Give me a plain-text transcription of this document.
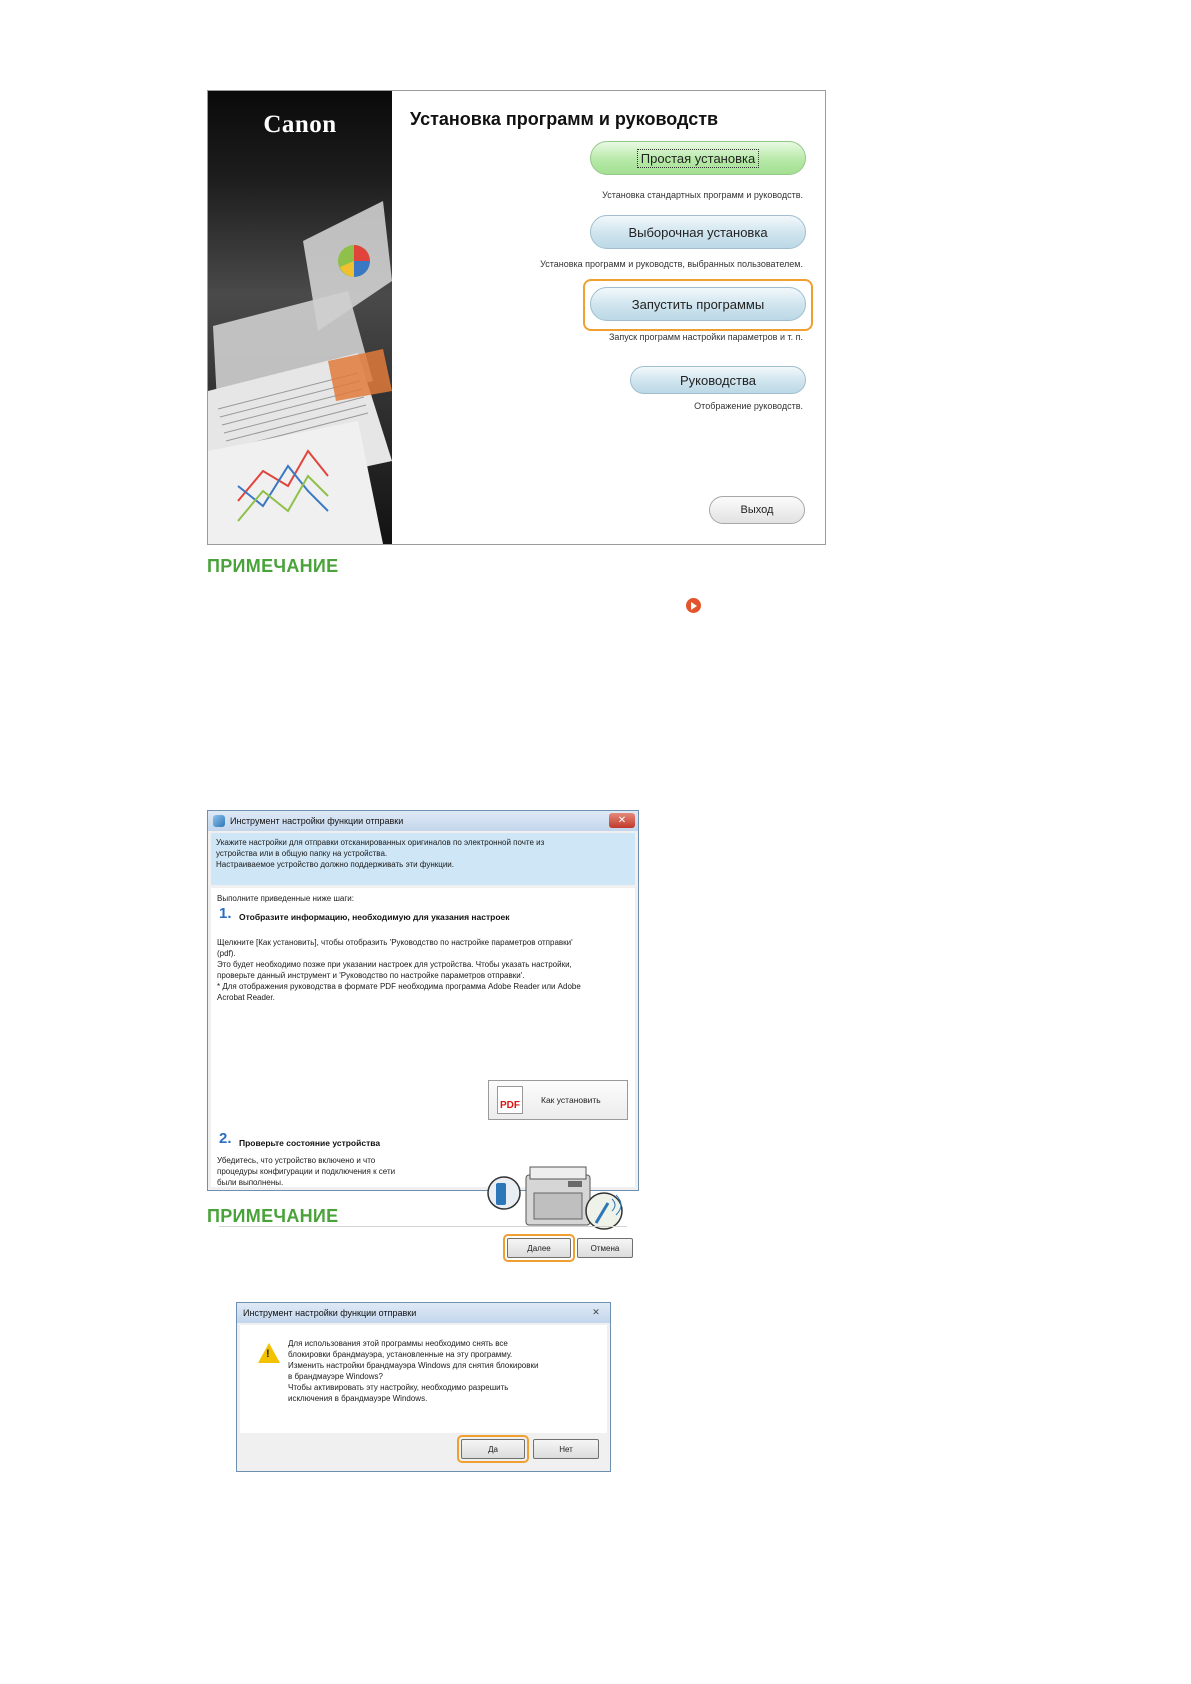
Canon	Установка программ и руководств
Простая установка
Установка стандартных программ и руководств.
Выборочная установка
Установка программ и руководств, выбранных пользователем.
Запустить программы
Запуск программ настройки параметров и т. п.
Руководства
Отображение руководств.
Выход
ПРИМЕЧАНИЕ
Инструмент настройки функции отправки	✕
Укажите настройки для отправки отсканированных оригиналов по электронной почте из
устройства или в общую папку на устройства.
Настраиваемое устройство должно поддерживать эти функции.
Выполните приведенные ниже шаги:
1. Отобразите информацию, необходимую для указания настроек
Щелкните [Как установить], чтобы отобразить 'Руководство по настройке параметров отправки'
(pdf).
Это будет необходимо позже при указании настроек для устройства. Чтобы указать настройки,
проверьте данный инструмент и 'Руководство по настройке параметров отправки'.
* Для отображения руководства в формате PDF необходима программа Adobe Reader или Adobe
Acrobat Reader.
PDF	Как установить
2. Проверьте состояние устройства
Убедитесь, что устройство включено и что
процедуры конфигурации и подключения к сети
были выполнены.
Далее	Отмена
ПРИМЕЧАНИЕ
Инструмент настройки функции отправки	✕
!
Для использования этой программы необходимо снять все
блокировки брандмауэра, установленные на эту программу.
Изменить настройки брандмауэра Windows для снятия блокировки
в брандмауэре Windows?
Чтобы активировать эту настройку, необходимо разрешить
исключения в брандмауэре Windows.
Да	Нет
